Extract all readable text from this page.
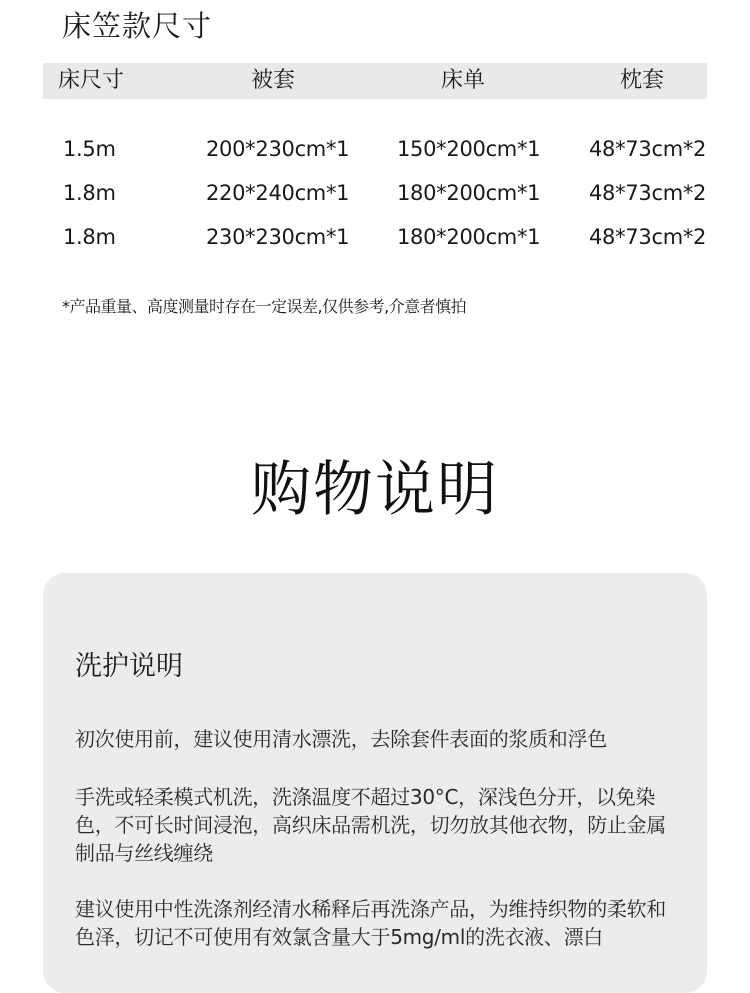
床笠款尺寸
床尺寸	被套	床单	枕套
1.5m	200*230cm*1 150*200cm*1 48*73cm*2
1.8m	220*240cm*1 180*200cm*1 48*73cm*2
1.8m	230*230cm*1 180*200cm*1 48*73cm*2
*产品重量、高度测量时存在一定误差,仅供参考,介意者慎拍
购物说明
洗护说明
初次使用前，建议使用清水漂洗，去除套件表面的浆质和浮色
手洗或轻柔模式机洗，洗涤温度不超过30°C，深浅色分开，以免染色，不可长时间浸泡，高织床品需机洗，切勿放其他衣物，防止金属制品与丝线缠绕
建议使用中性洗涤剂经清水稀释后再洗涤产品，为维持织物的柔软和色泽，切记不可使用有效氯含量大于5mg/ml的洗衣液、漂白
